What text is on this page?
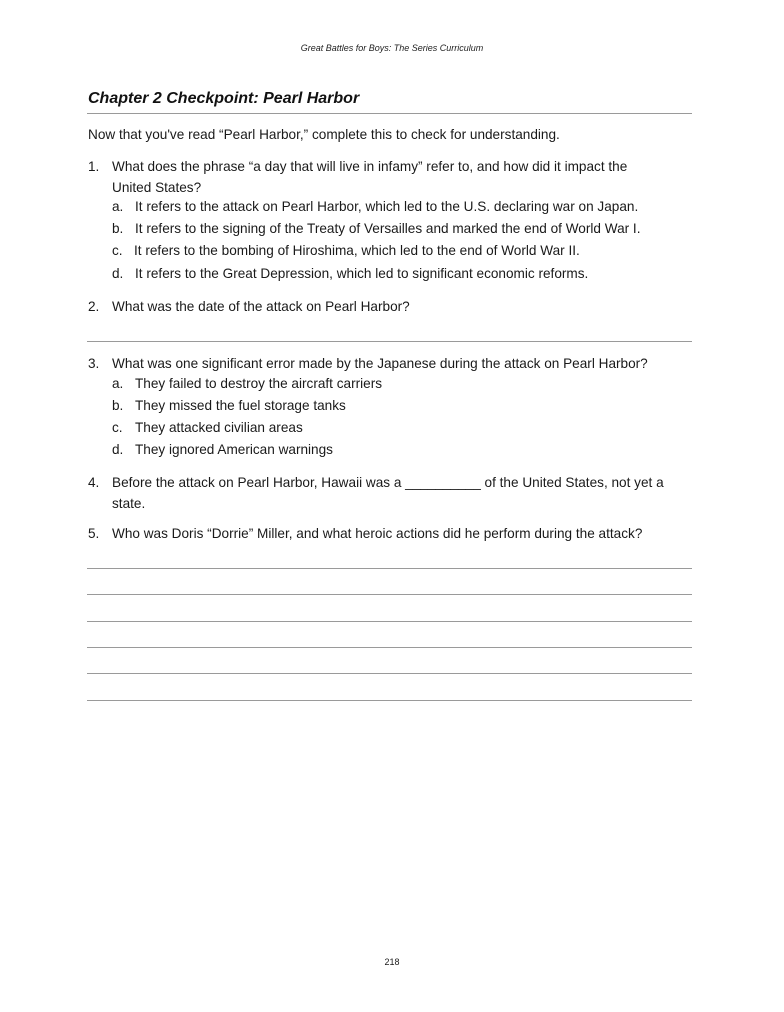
Great Battles for Boys: The Series Curriculum
Chapter 2 Checkpoint: Pearl Harbor
Now that you've read “Pearl Harbor,” complete this to check for understanding.
1. What does the phrase “a day that will live in infamy” refer to, and how did it impact the United States?
a. It refers to the attack on Pearl Harbor, which led to the U.S. declaring war on Japan.
b. It refers to the signing of the Treaty of Versailles and marked the end of World War I.
c. It refers to the bombing of Hiroshima, which led to the end of World War II.
d. It refers to the Great Depression, which led to significant economic reforms.
2. What was the date of the attack on Pearl Harbor?
3. What was one significant error made by the Japanese during the attack on Pearl Harbor?
a. They failed to destroy the aircraft carriers
b. They missed the fuel storage tanks
c. They attacked civilian areas
d. They ignored American warnings
4. Before the attack on Pearl Harbor, Hawaii was a __________ of the United States, not yet a state.
5. Who was Doris “Dorrie” Miller, and what heroic actions did he perform during the attack?
218
